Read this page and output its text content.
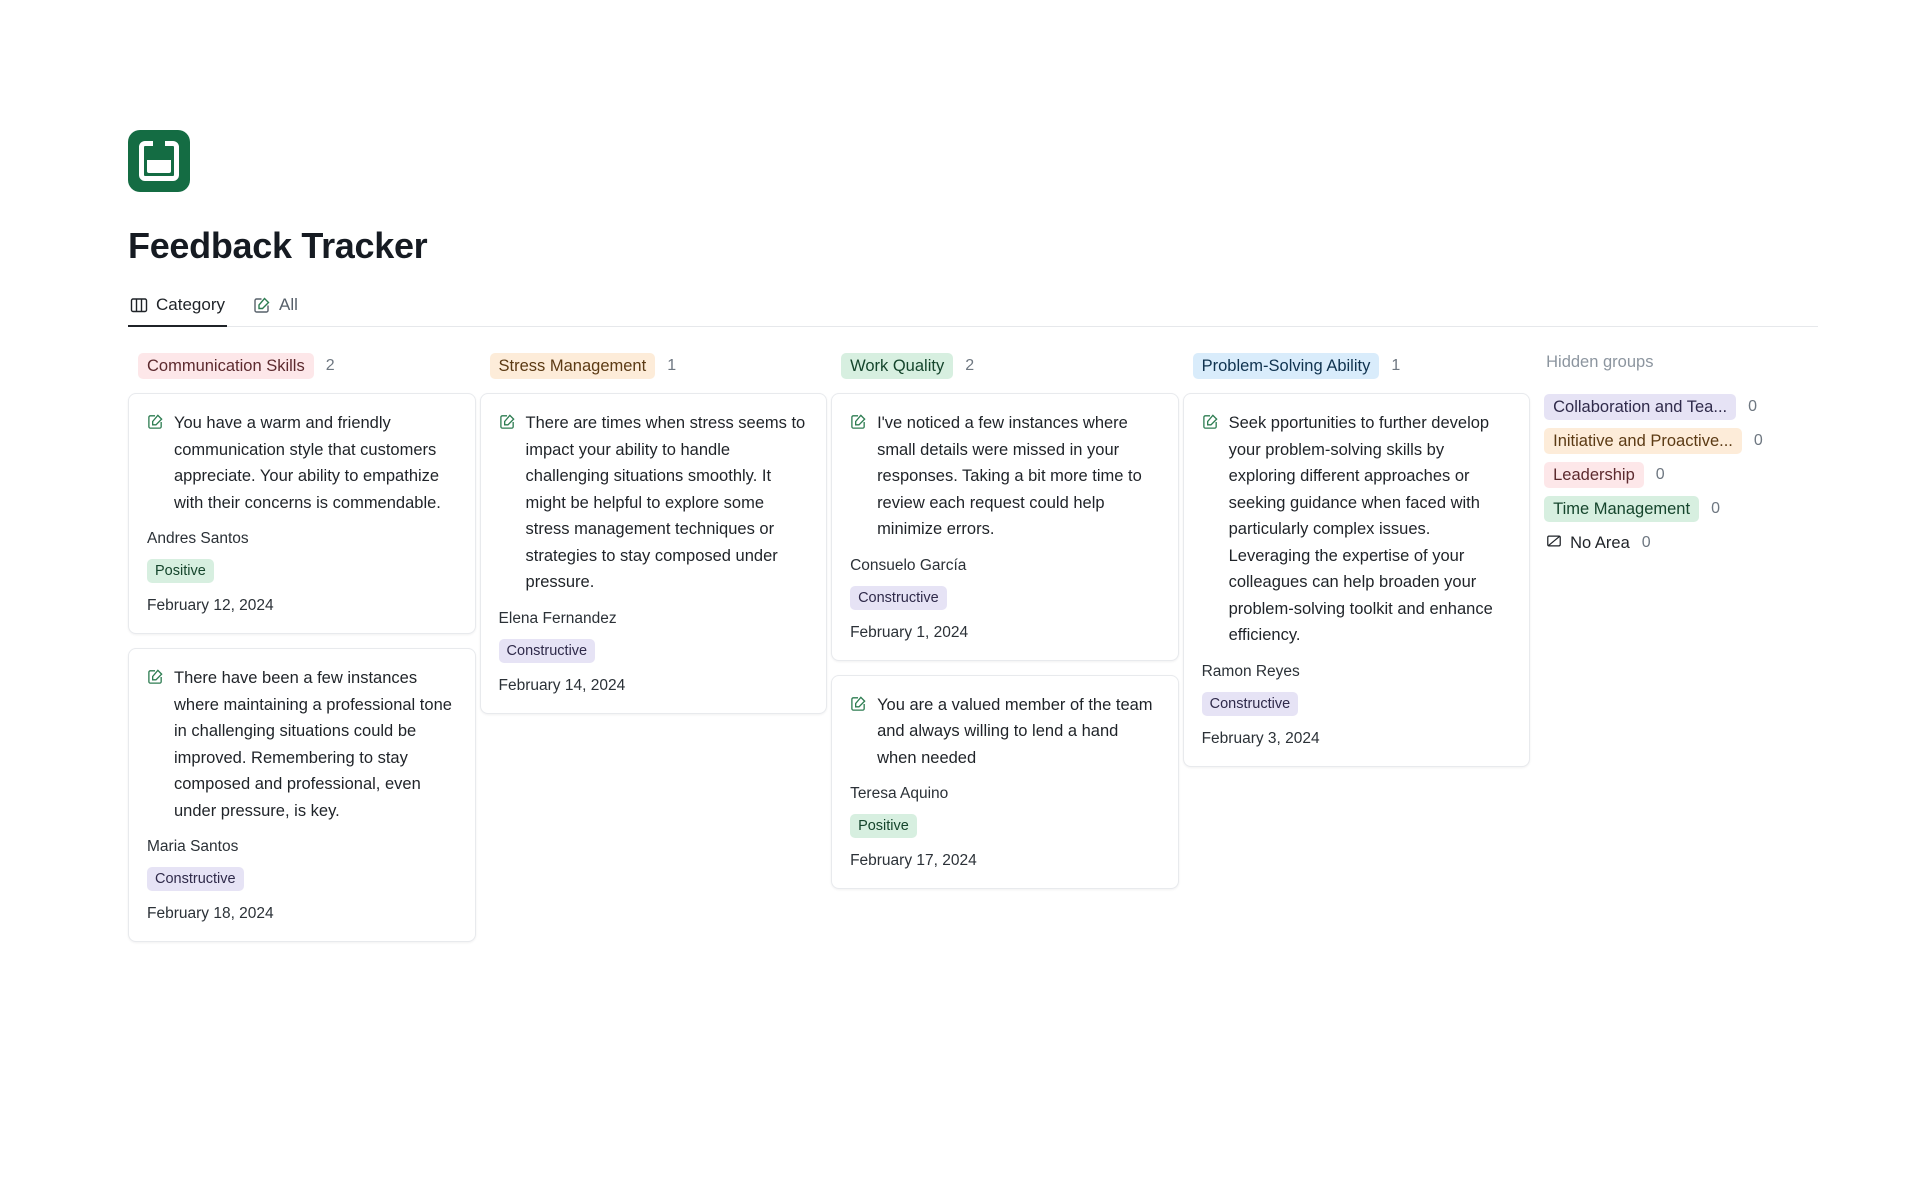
Feedback Tracker
Category	All
Communication Skills	2
You have a warm and friendly communication style that customers appreciate. Your ability to empathize with their concerns is commendable.
Andres Santos
Positive
February 12, 2024
There have been a few instances where maintaining a professional tone in challenging situations could be improved. Remembering to stay composed and professional, even under pressure, is key.
Maria Santos
Constructive
February 18, 2024
Stress Management	1
There are times when stress seems to impact your ability to handle challenging situations smoothly. It might be helpful to explore some stress management techniques or strategies to stay composed under pressure.
Elena Fernandez
Constructive
February 14, 2024
Work Quality	2
I've noticed a few instances where small details were missed in your responses. Taking a bit more time to review each request could help minimize errors.
Consuelo García
Constructive
February 1, 2024
You are a valued member of the team and always willing to lend a hand when needed
Teresa Aquino
Positive
February 17, 2024
Problem-Solving Ability	1
Seek pportunities to further develop your problem-solving skills by exploring different approaches or seeking guidance when faced with particularly complex issues. Leveraging the expertise of your colleagues can help broaden your problem-solving toolkit and enhance efficiency.
Ramon Reyes
Constructive
February 3, 2024
Hidden groups
Collaboration and Tea...	0
Initiative and Proactive...	0
Leadership	0
Time Management	0
No Area 0
